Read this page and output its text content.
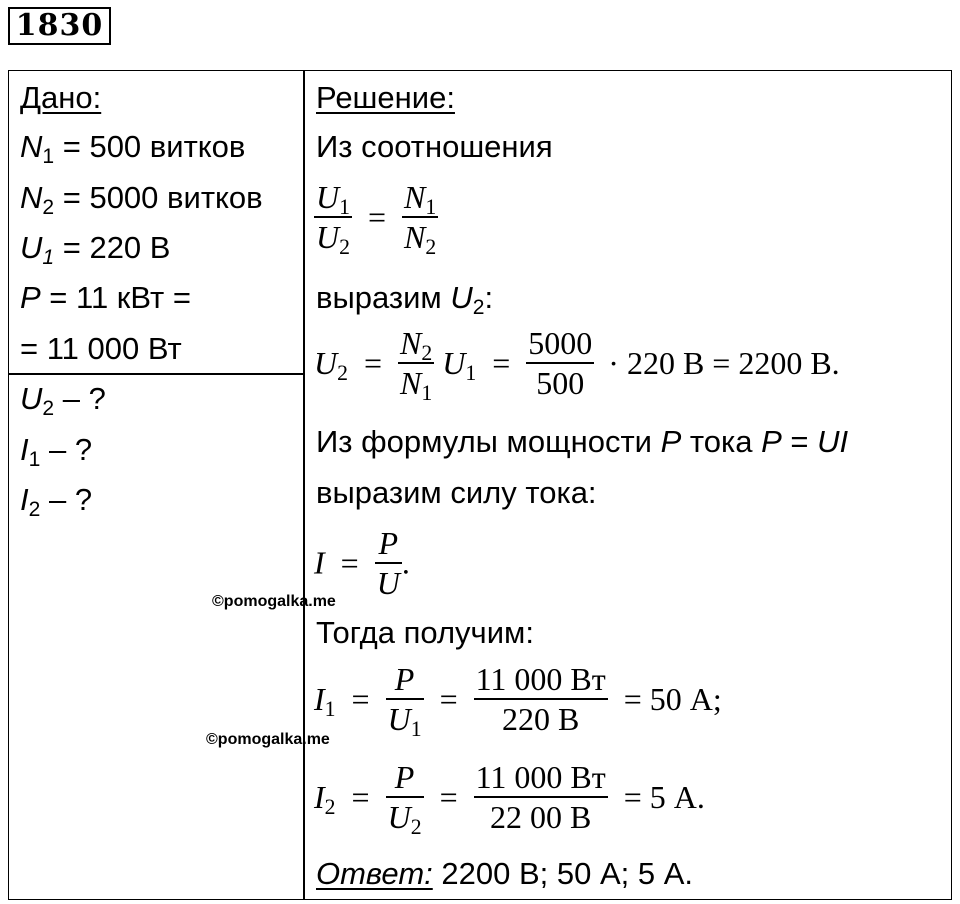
1830
Дано:
$N_1 = 500$ витков
$N_2 = 5000$ витков
$U_1 = 220$ В
P = 11 кВт =
= 11 000 Вт
$U_2$ – ?
$I_1$ – ?
$I_2$ – ?
Решение:
Из соотношения
$\frac{U_1}{U_2} = \frac{N_1}{N_2}$
выразим $U_2$:
$U_2 = \frac{N_2}{N_1} U_1 = \frac{5000}{500} \cdot 220$ В = 2200 В.
Из формулы мощности P тока P = UI
выразим силу тока:
$I = \frac{P}{U}$ .
Тогда получим:
$I_1 = \frac{P}{U_1} = \frac{11 000 Вт}{220 В} = 50$ А;
$I_2 = \frac{P}{U_2} = \frac{11 000 Вт}{22 00 В} = 5$ А.
Ответ: 2200 В; 50 А; 5 А.
©pomogalka.me
©pomogalka.me
